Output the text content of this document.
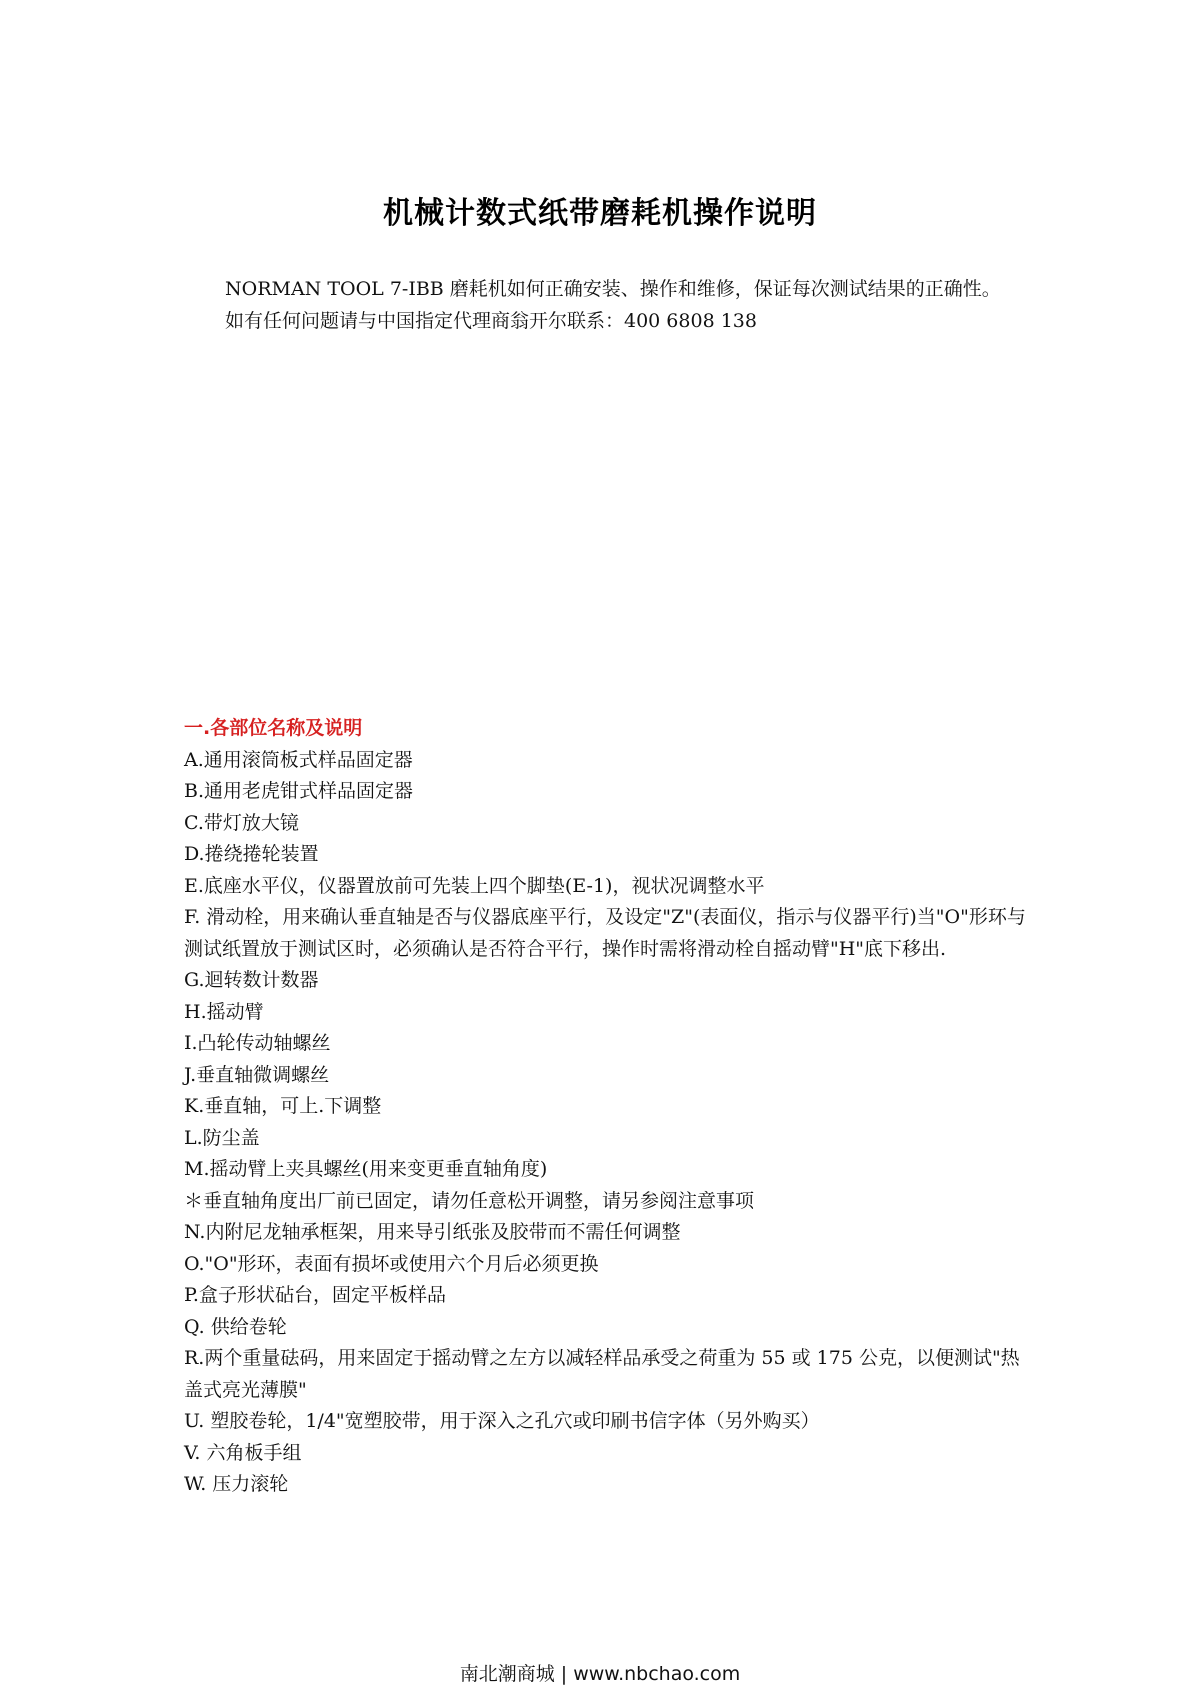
机械计数式纸带磨耗机操作说明

NORMAN TOOL 7-IBB 磨耗机如何正确安装、操作和维修，保证每次测试结果的正确性。

如有任何问题请与中国指定代理商翁开尔联系：400 6808 138

一.各部位名称及说明
A.通用滚筒板式样品固定器
B.通用老虎钳式样品固定器
C.带灯放大镜
D.捲绕捲轮装置
E.底座水平仪，仪器置放前可先装上四个脚垫(E-1)，视状况调整水平
F. 滑动栓，用来确认垂直轴是否与仪器底座平行，及设定"Z"(表面仪，指示与仪器平行)当"O"形环与测试纸置放于测试区时，必须确认是否符合平行，操作时需将滑动栓自摇动臂"H"底下移出.
G.迴转数计数器
H.摇动臂
I.凸轮传动轴螺丝
J.垂直轴微调螺丝
K.垂直轴，可上.下调整
L.防尘盖
M.摇动臂上夹具螺丝(用来变更垂直轴角度)
＊垂直轴角度出厂前已固定，请勿任意松开调整，请另参阅注意事项
N.内附尼龙轴承框架，用来导引纸张及胶带而不需任何调整
O."O"形环，表面有损坏或使用六个月后必须更换
P.盒子形状砧台，固定平板样品
Q. 供给卷轮
R.两个重量砝码，用来固定于摇动臂之左方以减轻样品承受之荷重为 55 或 175 公克，以便测试"热盖式亮光薄膜"
U. 塑胶卷轮，1/4"宽塑胶带，用于深入之孔穴或印刷书信字体（另外购买）
V. 六角板手组
W. 压力滚轮
南北潮商城 | www.nbchao.com
